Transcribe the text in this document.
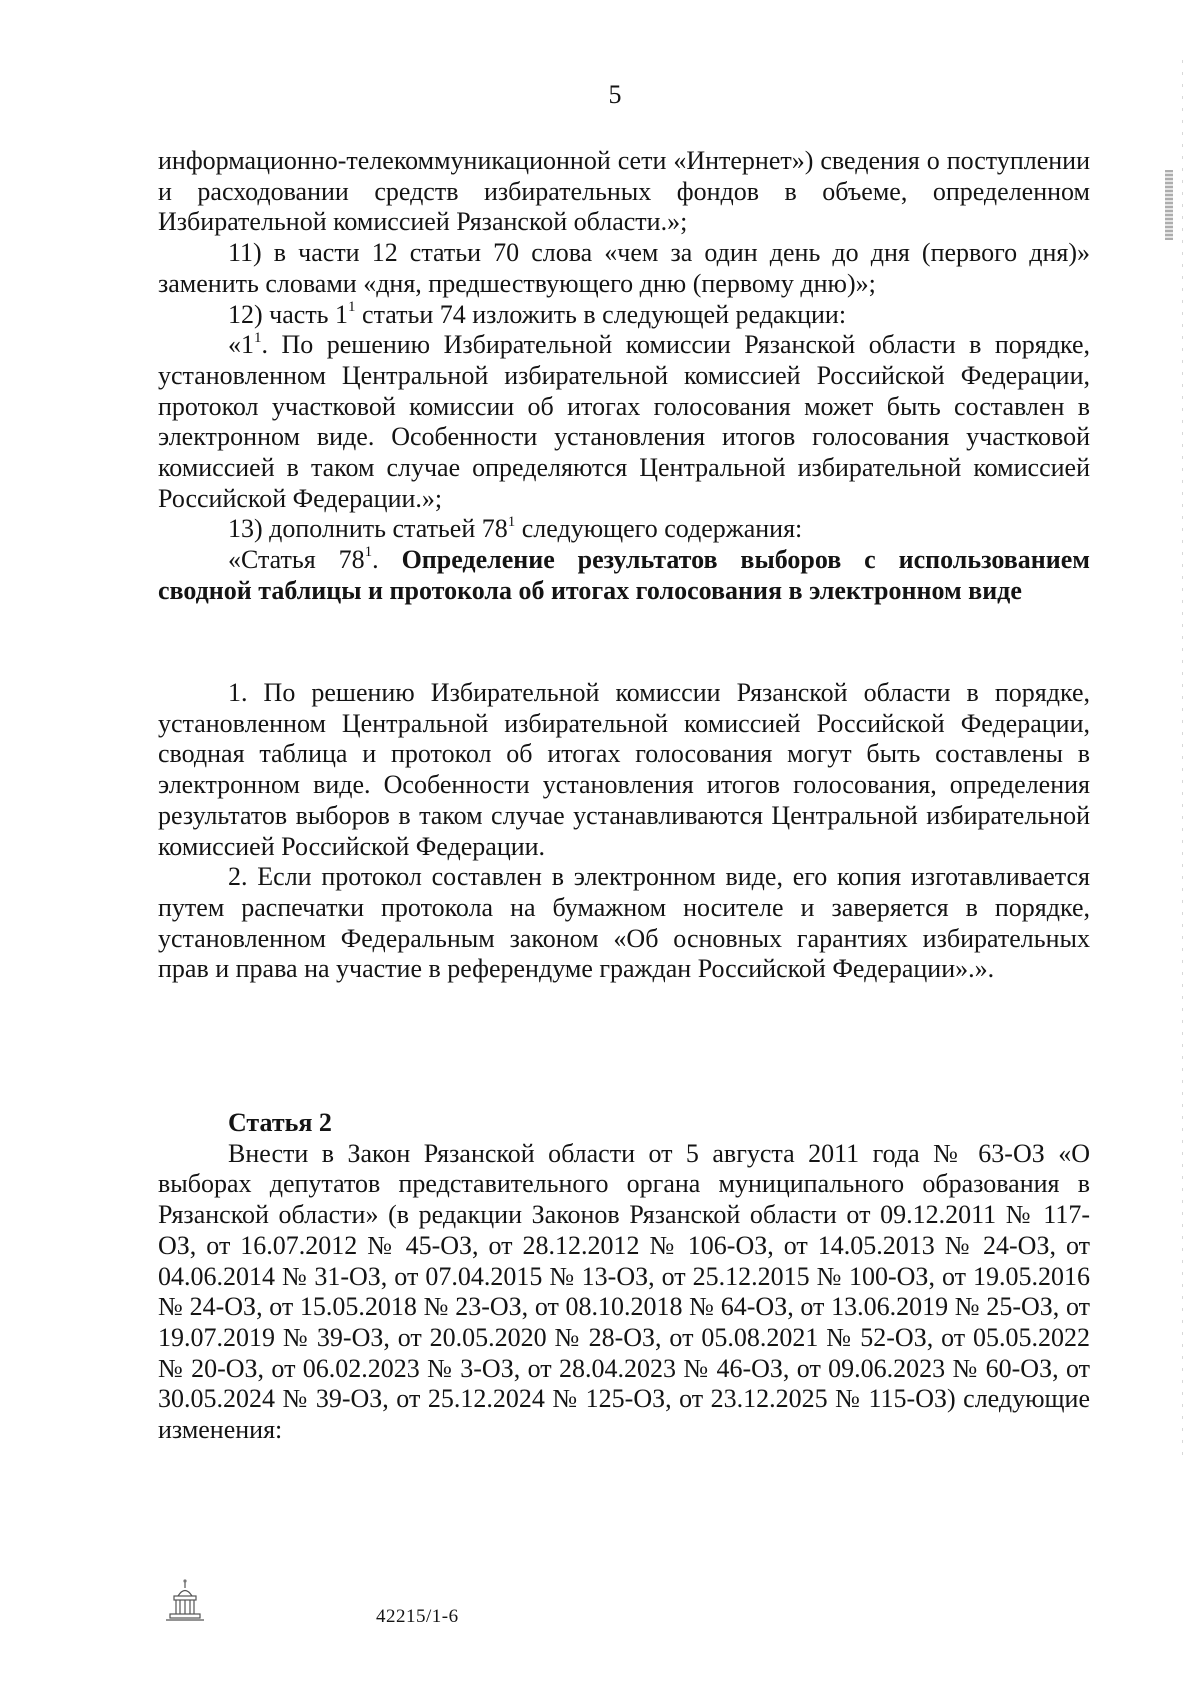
5

информационно-телекоммуникационной сети «Интернет») сведения о поступлении и расходовании средств избирательных фондов в объеме, определенном Избирательной комиссией Рязанской области.»;

11) в части 12 статьи 70 слова «чем за один день до дня (первого дня)» заменить словами «дня, предшествующего дню (первому дню)»;

12) часть $1^1$ статьи 74 изложить в следующей редакции:

«$1^1$. По решению Избирательной комиссии Рязанской области в порядке, установленном Центральной избирательной комиссией Российской Федерации, протокол участковой комиссии об итогах голосования может быть составлен в электронном виде. Особенности установления итогов голосования участковой комиссией в таком случае определяются Центральной избирательной комиссией Российской Федерации.»;

13) дополнить статьей $78^1$ следующего содержания:

«Статья $78^1$. Определение результатов выборов с использованием сводной таблицы и протокола об итогах голосования в электронном виде

1. По решению Избирательной комиссии Рязанской области в порядке, установленном Центральной избирательной комиссией Российской Федерации, сводная таблица и протокол об итогах голосования могут быть составлены в электронном виде. Особенности установления итогов голосования, определения результатов выборов в таком случае устанавливаются Центральной избирательной комиссией Российской Федерации.

2. Если протокол составлен в электронном виде, его копия изготавливается путем распечатки протокола на бумажном носителе и заверяется в порядке, установленном Федеральным законом «Об основных гарантиях избирательных прав и права на участие в референдуме граждан Российской Федерации».».

Статья 2

Внести в Закон Рязанской области от 5 августа 2011 года № 63-ОЗ «О выборах депутатов представительного органа муниципального образования в Рязанской области» (в редакции Законов Рязанской области от 09.12.2011 № 117-ОЗ, от 16.07.2012 № 45-ОЗ, от 28.12.2012 № 106-ОЗ, от 14.05.2013 № 24-ОЗ, от 04.06.2014 № 31-ОЗ, от 07.04.2015 № 13-ОЗ, от 25.12.2015 № 100-ОЗ, от 19.05.2016 № 24-ОЗ, от 15.05.2018 № 23-ОЗ, от 08.10.2018 № 64-ОЗ, от 13.06.2019 № 25-ОЗ, от 19.07.2019 № 39-ОЗ, от 20.05.2020 № 28-ОЗ, от 05.08.2021 № 52-ОЗ, от 05.05.2022 № 20-ОЗ, от 06.02.2023 № 3-ОЗ, от 28.04.2023 № 46-ОЗ, от 09.06.2023 № 60-ОЗ, от 30.05.2024 № 39-ОЗ, от 25.12.2024 № 125-ОЗ, от 23.12.2025 № 115-ОЗ) следующие изменения:

42215/1-6
